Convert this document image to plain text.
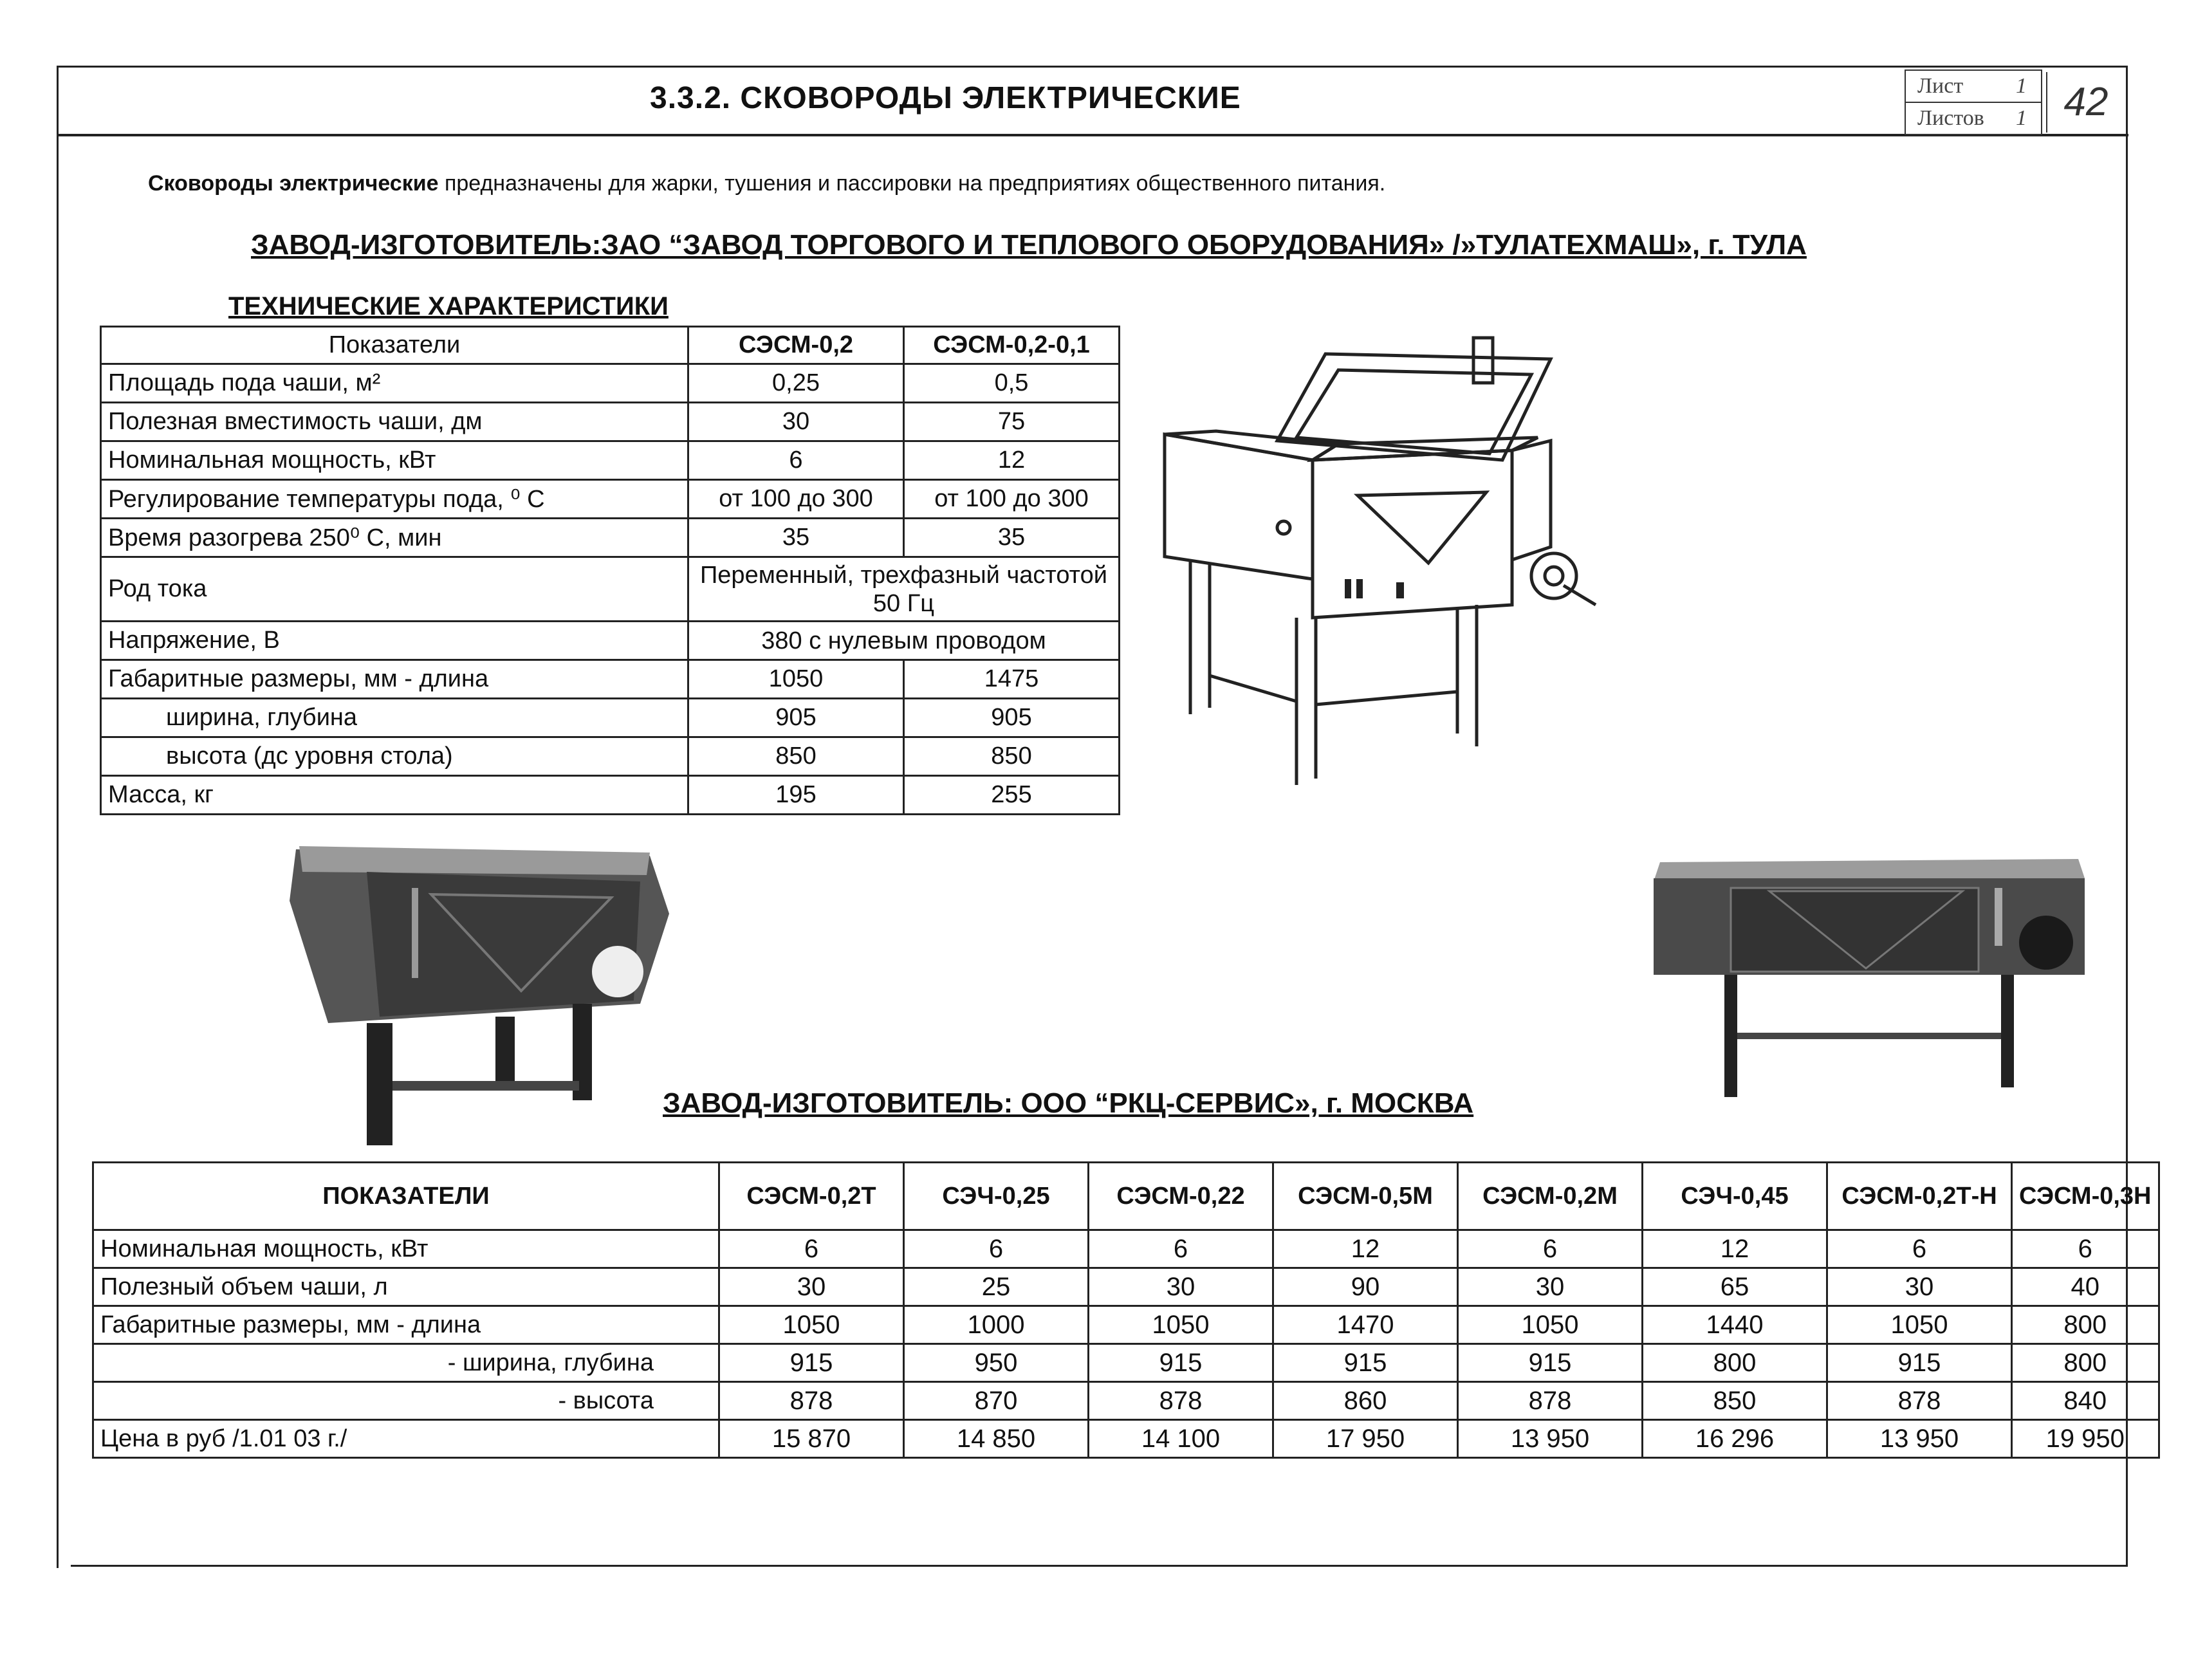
3.3.2. СКОВОРОДЫ ЭЛЕКТРИЧЕСКИЕ	Лист 1
Листов 1 42
Сковороды электрические предназначены для жарки, тушения и пассировки на предприятиях общественного питания.
ЗАВОД-ИЗГОТОВИТЕЛЬ:ЗАО “ЗАВОД ТОРГОВОГО И ТЕПЛОВОГО ОБОРУДОВАНИЯ» /»ТУЛАТЕХМАШ», г. ТУЛА
ТЕХНИЧЕСКИЕ ХАРАКТЕРИСТИКИ
Показатели	СЭСМ-0,2	СЭСМ-0,2-0,1
Площадь пода чаши, м²	0,25	0,5
Полезная вместимость чаши, дм	30	75
Номинальная мощность, кВт	6	12
Регулирование температуры пода, ⁰ С	от 100 до 300	от 100 до 300
Время разогрева 250⁰ С, мин	35	35
Род тока	Переменный, трехфазный частотой 50 Гц	
Напряжение, В	380 с нулевым проводом	
Габаритные размеры, мм - длина	1050	1475
ширина, глубина	905	905
высота (дс уровня стола)	850	850
Масса, кг	195	255
ЗАВОД-ИЗГОТОВИТЕЛЬ: ООО “РКЦ-СЕРВИС», г. МОСКВА
ПОКАЗАТЕЛИ	СЭСМ-0,2Т	СЭЧ-0,25	СЭСМ-0,22	СЭСМ-0,5М	СЭСМ-0,2М	СЭЧ-0,45	СЭСМ-0,2Т-Н	СЭСМ-0,3Н
Номинальная мощность, кВт	6	6	6	12	6	12	6	6
Полезный объем чаши, л	30	25	30	90	30	65	30	40
Габаритные размеры, мм - длина	1050	1000	1050	1470	1050	1440	1050	800
- ширина, глубина	915	950	915	915	915	800	915	800
- высота	878	870	878	860	878	850	878	840
Цена в руб /1.01 03 г./	15 870	14 850	14 100	17 950	13 950	16 296	13 950	19 950
